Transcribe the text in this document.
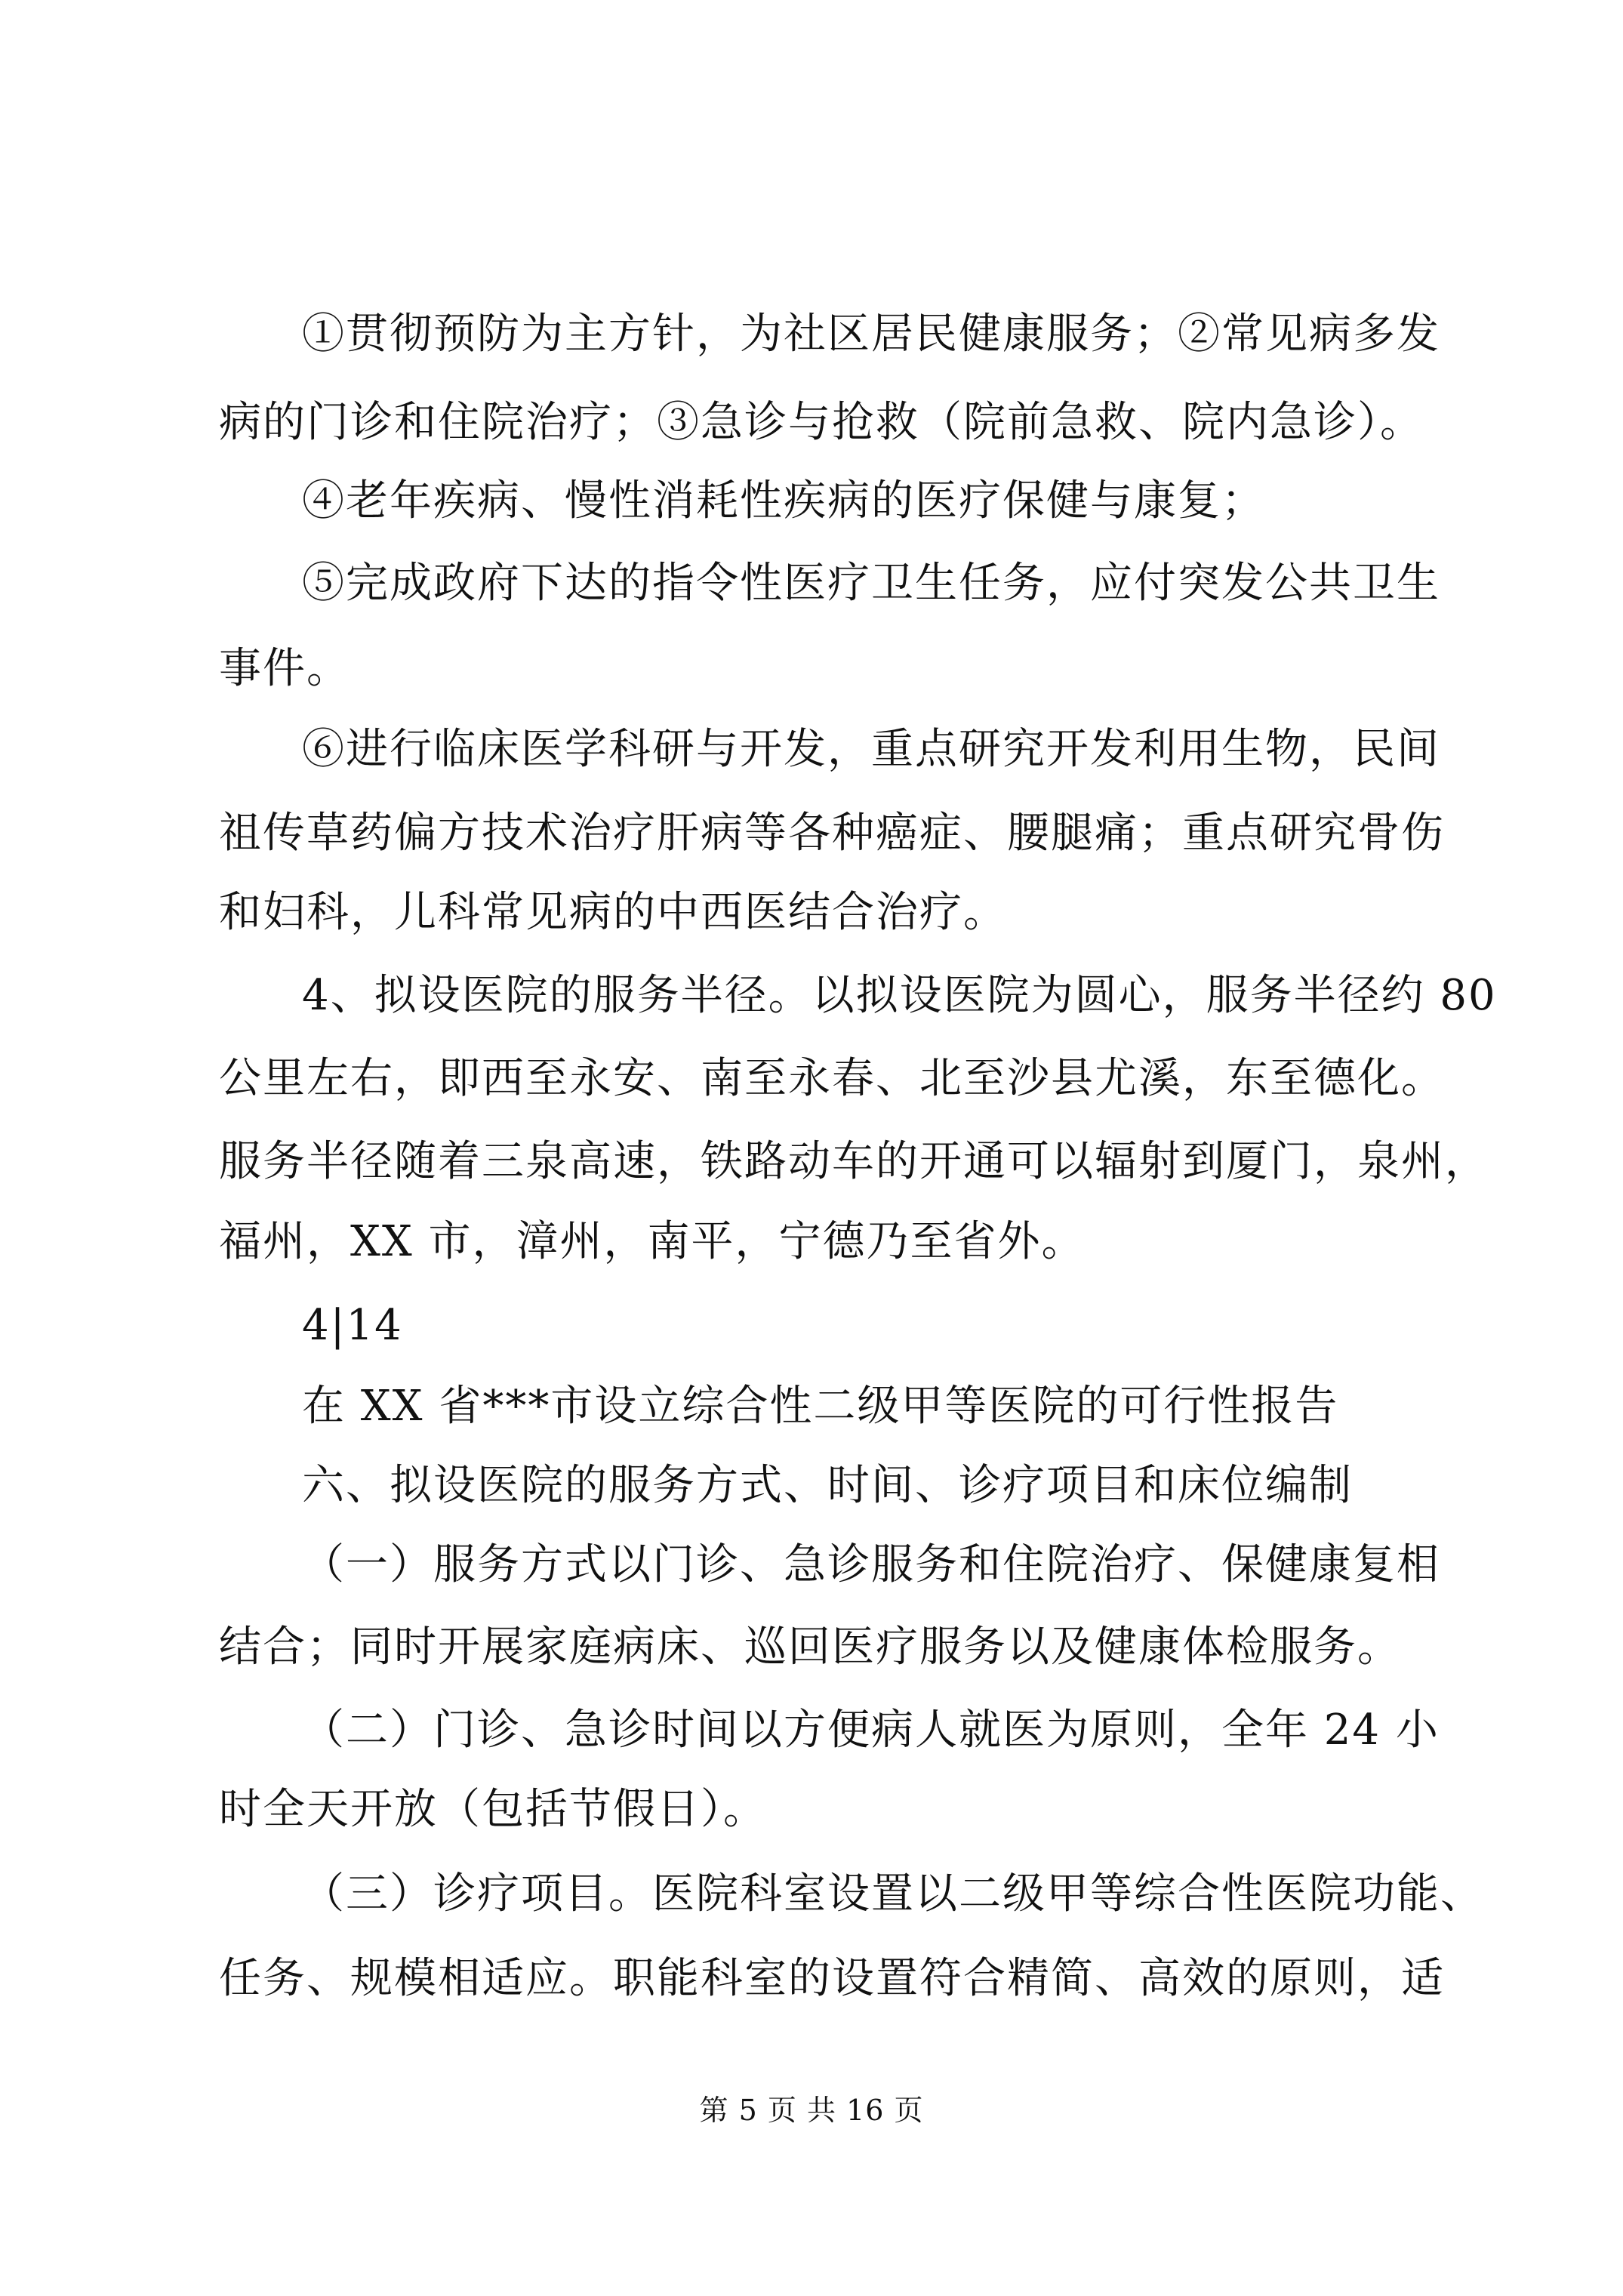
①贯彻预防为主方针，为社区居民健康服务；②常见病多发
病的门诊和住院治疗；③急诊与抢救（院前急救、院内急诊）。
④老年疾病、慢性消耗性疾病的医疗保健与康复；
⑤完成政府下达的指令性医疗卫生任务，应付突发公共卫生
事件。
⑥进行临床医学科研与开发，重点研究开发利用生物，民间
祖传草药偏方技术治疗肝病等各种癌症、腰腿痛；重点研究骨伤
和妇科，儿科常见病的中西医结合治疗。
4、拟设医院的服务半径。以拟设医院为圆心，服务半径约 80
公里左右，即西至永安、南至永春、北至沙县尤溪，东至德化。
服务半径随着三泉高速，铁路动车的开通可以辐射到厦门，泉州，
福州，XX 市，漳州，南平，宁德乃至省外。
4|14
在 XX 省***市设立综合性二级甲等医院的可行性报告
六、拟设医院的服务方式、时间、诊疗项目和床位编制
（一）服务方式以门诊、急诊服务和住院治疗、保健康复相
结合；同时开展家庭病床、巡回医疗服务以及健康体检服务。
（二）门诊、急诊时间以方便病人就医为原则，全年 24 小
时全天开放（包括节假日）。
（三）诊疗项目。医院科室设置以二级甲等综合性医院功能、
任务、规模相适应。职能科室的设置符合精简、高效的原则，适
第 5 页 共 16 页
